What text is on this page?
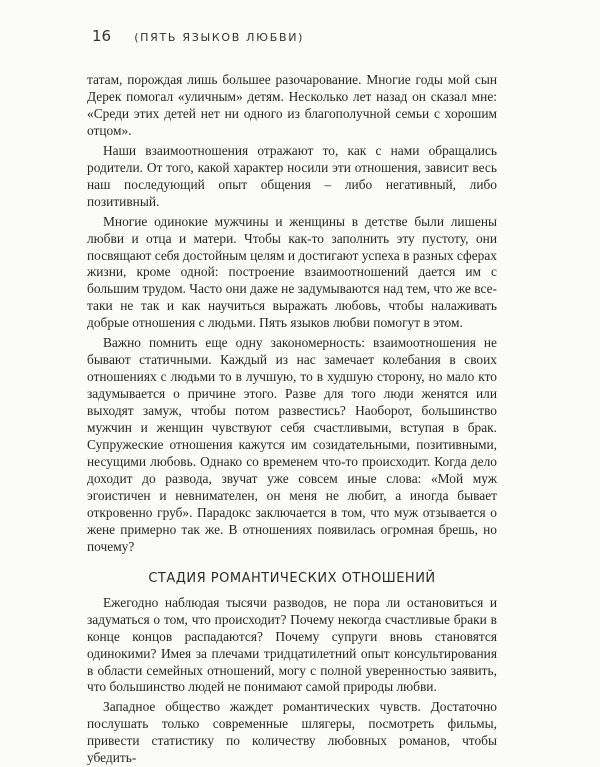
16 (ПЯТЬ ЯЗЫКОВ ЛЮБВИ)

татам, порождая лишь большее разочарование. Многие годы мой сын Дерек помогал «уличным» детям. Несколько лет назад он сказал мне: «Среди этих детей нет ни одного из благополучной семьи с хорошим отцом».

Наши взаимоотношения отражают то, как с нами обращались родители. От того, какой характер носили эти отношения, зависит весь наш последующий опыт общения – либо негативный, либо позитивный.

Многие одинокие мужчины и женщины в детстве были лишены любви и отца и матери. Чтобы как-то заполнить эту пустоту, они посвящают себя достойным целям и достигают успеха в разных сферах жизни, кроме одной: построение взаимоотношений дается им с большим трудом. Часто они даже не задумываются над тем, что же все-таки не так и как научиться выражать любовь, чтобы налаживать добрые отношения с людьми. Пять языков любви помогут в этом.

Важно помнить еще одну закономерность: взаимоотношения не бывают статичными. Каждый из нас замечает колебания в своих отношениях с людьми то в лучшую, то в худшую сторону, но мало кто задумывается о причине этого. Разве для того люди женятся или выходят замуж, чтобы потом развестись? Наоборот, большинство мужчин и женщин чувствуют себя счастливыми, вступая в брак. Супружеские отношения кажутся им созидательными, позитивными, несущими любовь. Однако со временем что-то происходит. Когда дело доходит до развода, звучат уже совсем иные слова: «Мой муж эгоистичен и невнимателен, он меня не любит, а иногда бывает откровенно груб». Парадокс заключается в том, что муж отзывается о жене примерно так же. В отношениях появилась огромная брешь, но почему?

СТАДИЯ РОМАНТИЧЕСКИХ ОТНОШЕНИЙ

Ежегодно наблюдая тысячи разводов, не пора ли остановиться и задуматься о том, что происходит? Почему некогда счастливые браки в конце концов распадаются? Почему супруги вновь становятся одинокими? Имея за плечами тридцатилетний опыт консультирования в области семейных отношений, могу с полной уверенностью заявить, что большинство людей не понимают самой природы любви.

Западное общество жаждет романтических чувств. Достаточно послушать только современные шлягеры, посмотреть фильмы, привести статистику по количеству любовных романов, чтобы убедить-
